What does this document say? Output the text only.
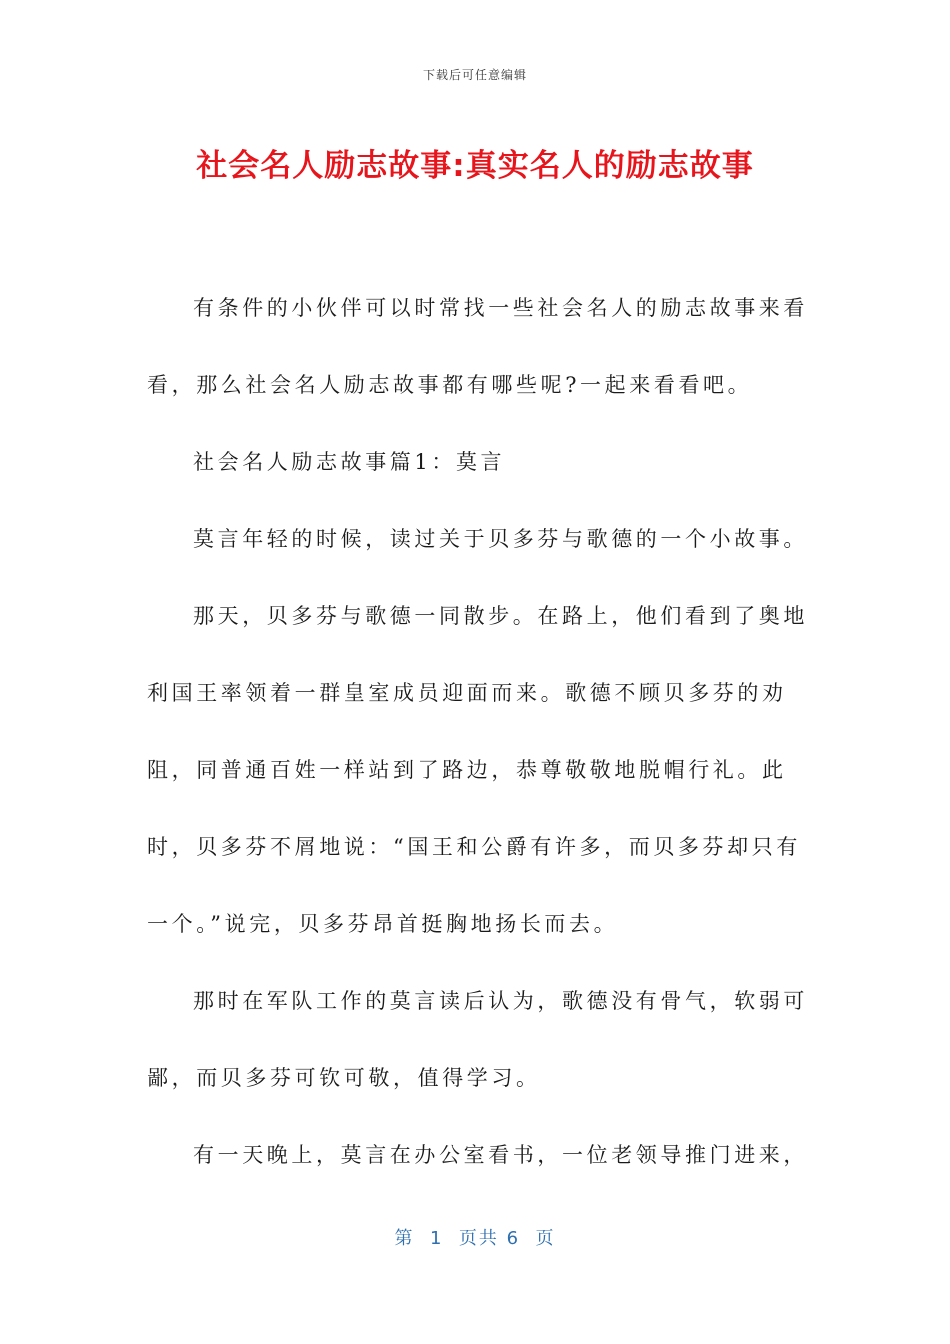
下载后可任意编辑
社会名人励志故事:真实名人的励志故事

有条件的小伙伴可以时常找一些社会名人的励志故事来看看，那么社会名人励志故事都有哪些呢?一起来看看吧。

社会名人励志故事篇1：莫言

莫言年轻的时候，读过关于贝多芬与歌德的一个小故事。

那天，贝多芬与歌德一同散步。在路上，他们看到了奥地利国王率领着一群皇室成员迎面而来。歌德不顾贝多芬的劝阻，同普通百姓一样站到了路边，恭尊敬敬地脱帽行礼。此时，贝多芬不屑地说：“国王和公爵有许多，而贝多芬却只有一个。”说完，贝多芬昂首挺胸地扬长而去。

那时在军队工作的莫言读后认为，歌德没有骨气，软弱可鄙，而贝多芬可钦可敬，值得学习。

有一天晚上，莫言在办公室看书，一位老领导推门进来，

第  1  页共 6  页
